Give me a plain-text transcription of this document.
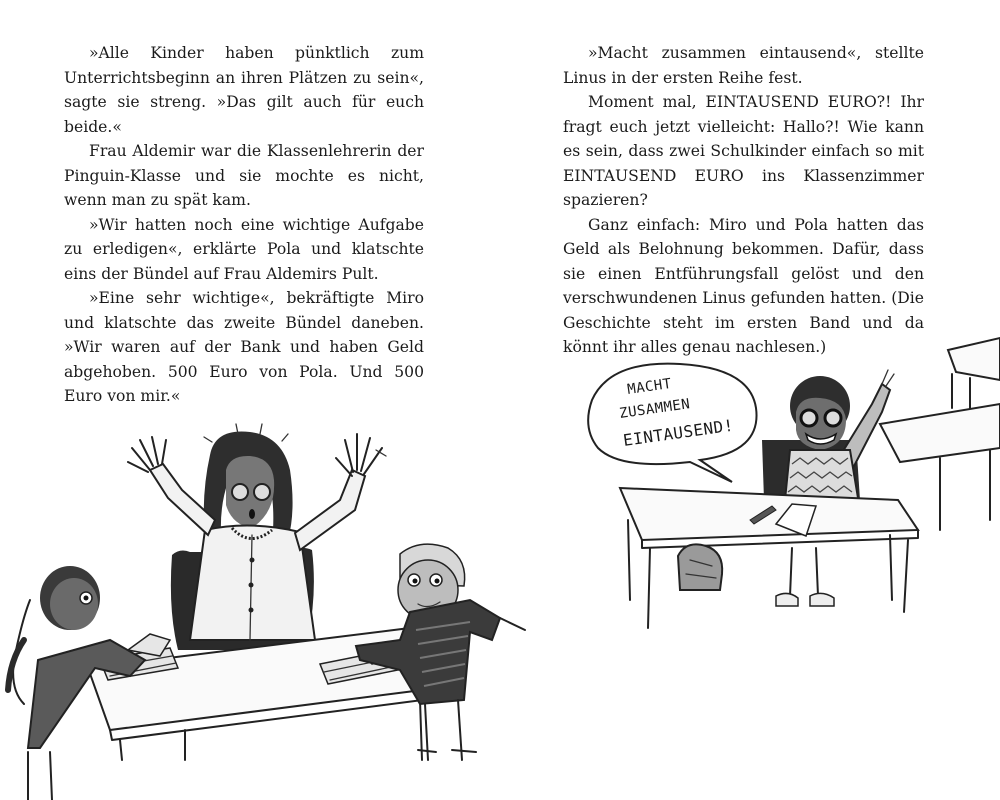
»Alle Kinder haben pünktlich zum Unterrichtsbeginn an ihren Plätzen zu sein«, sagte sie streng. »Das gilt auch für euch beide.«

Frau Aldemir war die Klassenlehrerin der Pinguin-Klasse und sie mochte es nicht, wenn man zu spät kam.

»Wir hatten noch eine wichtige Aufgabe zu erledigen«, erklärte Pola und klatschte eins der Bündel auf Frau Aldemirs Pult.

»Eine sehr wichtige«, bekräftigte Miro und klatschte das zweite Bündel daneben. »Wir waren auf der Bank und haben Geld abgehoben. 500 Euro von Pola. Und 500 Euro von mir.«

»Macht zusammen eintausend«, stellte Linus in der ersten Reihe fest.

Moment mal, EINTAUSEND EURO?! Ihr fragt euch jetzt vielleicht: Hallo?! Wie kann es sein, dass zwei Schulkinder einfach so mit EINTAUSEND EURO ins Klassenzimmer spazieren?

Ganz einfach: Miro und Pola hatten das Geld als Belohnung bekommen. Dafür, dass sie einen Entführungsfall gelöst und den verschwundenen Linus gefunden hatten. (Die Geschichte steht im ersten Band und da könnt ihr alles genau nachlesen.)

MACHT
ZUSAMMEN
EINTAUSEND!
